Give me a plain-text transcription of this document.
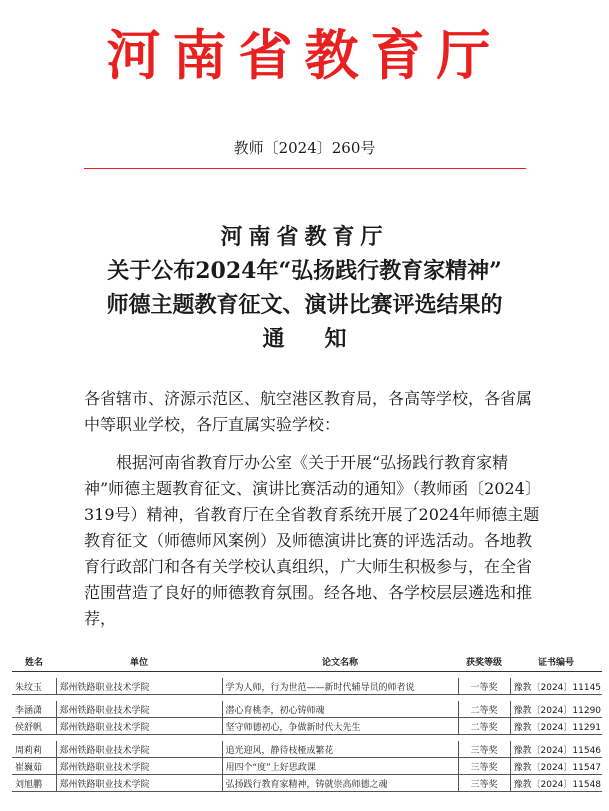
河南省教育厅
教师〔2024〕260号
河南省教育厅
关于公布2024年“弘扬践行教育家精神”
师德主题教育征文、演讲比赛评选结果的
通知
各省辖市、济源示范区、航空港区教育局，各高等学校，各省属中等职业学校，各厅直属实验学校：
根据河南省教育厅办公室《关于开展“弘扬践行教育家精神”师德主题教育征文、演讲比赛活动的通知》（教师函〔2024〕319号）精神，省教育厅在全省教育系统开展了2024年师德主题教育征文（师德师风案例）及师德演讲比赛的评选活动。各地教育行政部门和各有关学校认真组织，广大师生积极参与，在全省范围营造了良好的师德教育氛围。经各地、各学校层层遴选和推荐，
姓名	单位	论文名称	获奖等级	证书编号

朱纹玉	郑州铁路职业技术学院	学为人师，行为世范——新时代辅导员的师者说	一等奖	豫教〔2024〕11145

李涵潇	郑州铁路职业技术学院	潜心育桃李，初心铸师魂	二等奖	豫教〔2024〕11290
侯舒帆	郑州铁路职业技术学院	坚守师德初心，争做新时代大先生	二等奖	豫教〔2024〕11291

周莉莉	郑州铁路职业技术学院	追光迎风，静待枝桠成繁花	三等奖	豫教〔2024〕11546
崔巍茹	郑州铁路职业技术学院	用四个“度”上好思政课	三等奖	豫教〔2024〕11547
刘旭鹏	郑州铁路职业技术学院	弘扬践行教育家精神，铸就崇高师德之魂	三等奖	豫教〔2024〕11548
